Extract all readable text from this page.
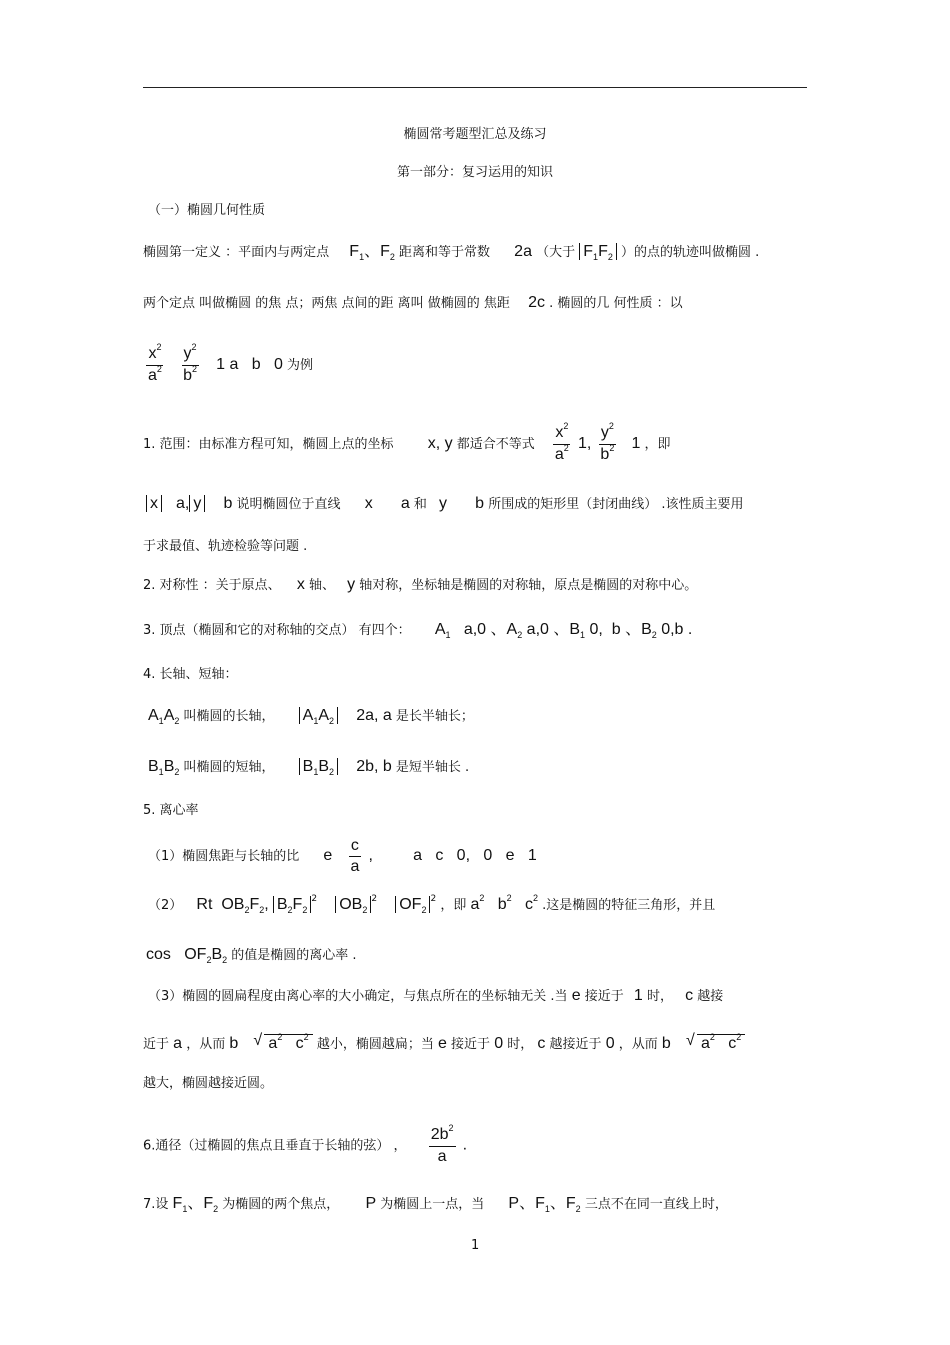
椭圆常考题型汇总及练习
第一部分：复习运用的知识
（一）椭圆几何性质
椭圆第一定义 ：平面内与两定点 $F_1$、$F_2$ 距离和等于常数 2a （大于 $F_1F_2$ ）的点的轨迹叫做椭圆 .
两个定点 叫做椭圆 的焦 点；两焦 点间的距 离叫 做椭圆的 焦距 2c . 椭圆的几 何性质 ：以
$\frac{x^2}{a^2}$
$\frac{y^2}{b^2} 1$ a   b   0 为例
1. 范围：由标准方程可知，椭圆上点的坐标 x, y 都适合不等式 $\frac{x^2}{a^2} 1$, $\frac{y^2}{b^2} 1$ ，即
x a, y b 说明椭圆位于直线 x a 和 y b 所围成的矩形里（封闭曲线） .该性质主要用
于求最值、轨迹检验等问题 .
2. 对称性 ：关于原点、 x 轴、 y 轴对称，坐标轴是椭圆的对称轴，原点是椭圆的对称中心。
3. 顶点（椭圆和它的对称轴的交点） 有四个： $A_1$   a,0 、$A_2$ a,0 、$B_1$ 0,  b 、$B_2$ 0,b .
4. 长轴、短轴：
$A_1A_2$ 叫椭圆的长轴， $A_1A_2$ 2a, a 是长半轴长；
$B_1B_2$ 叫椭圆的短轴， $B_1B_2$ 2b, b 是短半轴长 .
5. 离心率
（1）椭圆焦距与长轴的比 e $\frac{c}{a}$ ,	a   c   0,   0   e   1
（2） Rt  $OB_2F_2$, $B_2F_2^2$ $OB_2^2$ $OF_2^2$ ，即 $a^2$   $b^2$   $c^2$ .这是椭圆的特征三角形，并且
$\cos OF_2B_2$ 的值是椭圆的离心率 .
（3）椭圆的圆扁程度由离心率的大小确定，与焦点所在的坐标轴无关 .当 e 接近于 1 时， c 越接
近于 a ，从而 b √ $a^2$   $c^2$ 越小，椭圆越扁；当 e 接近于 0 时， c 越接近于 0 ，从而 b √ $a^2$   $c^2$
越大，椭圆越接近圆。
6.通径（过椭圆的焦点且垂直于长轴的弦） ， $\frac{2b^2}{a}$ .
7.设 $F_1$、$F_2$ 为椭圆的两个焦点， P 为椭圆上一点，当 P、$F_1$、$F_2$ 三点不在同一直线上时，
1
